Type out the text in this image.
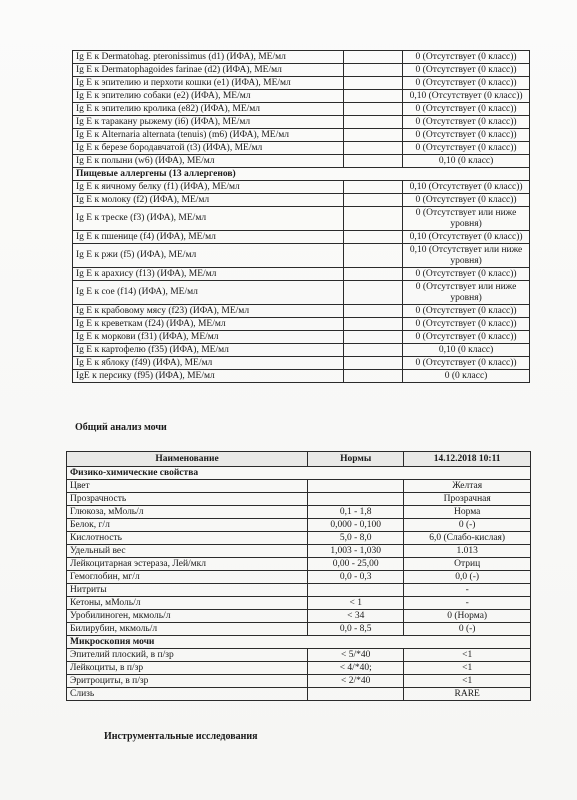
Ig E к Dermatohag. pteronissimus (d1) (ИФА), МЕ/мл		0 (Отсутствует (0 класс))
Ig E к Dermatophagoides farinae (d2) (ИФА), МЕ/мл		0 (Отсутствует (0 класс))
Ig E к эпителию и перхоти кошки (e1) (ИФА), МЕ/мл		0 (Отсутствует (0 класс))
Ig E к эпителию собаки (e2) (ИФА), МЕ/мл		0,10 (Отсутствует (0 класс))
Ig E к эпителию кролика (e82) (ИФА), МЕ/мл		0 (Отсутствует (0 класс))
Ig E к таракану рыжему (i6) (ИФА), МЕ/мл		0 (Отсутствует (0 класс))
Ig E к Alternaria alternata (tenuis) (m6) (ИФА), МЕ/мл		0 (Отсутствует (0 класс))
Ig E к березе бородавчатой (t3) (ИФА), МЕ/мл		0 (Отсутствует (0 класс))
Ig E к полыни (w6) (ИФА), МЕ/мл		0,10 (0 класс)
Пищевые аллергены (13 аллергенов)		
Ig E к яичному белку (f1) (ИФА), МЕ/мл		0,10 (Отсутствует (0 класс))
Ig E к молоку (f2) (ИФА), МЕ/мл		0 (Отсутствует (0 класс))
Ig E к треске (f3) (ИФА), МЕ/мл		0 (Отсутствует или ниже уровня)
Ig E к пшенице (f4) (ИФА), МЕ/мл		0,10 (Отсутствует (0 класс))
Ig E к ржи (f5) (ИФА), МЕ/мл		0,10 (Отсутствует или ниже уровня)
Ig E к арахису (f13) (ИФА), МЕ/мл		0 (Отсутствует (0 класс))
Ig E к сое (f14) (ИФА), МЕ/мл		0 (Отсутствует или ниже уровня)
Ig E к крабовому мясу (f23) (ИФА), МЕ/мл		0 (Отсутствует (0 класс))
Ig E к креветкам (f24) (ИФА), МЕ/мл		0 (Отсутствует (0 класс))
Ig E к моркови (f31) (ИФА), МЕ/мл		0 (Отсутствует (0 класс))
Ig E к картофелю (f35) (ИФА), МЕ/мл		0,10 (0 класс)
Ig E к яблоку (f49) (ИФА), МЕ/мл		0 (Отсутствует (0 класс))
IgE к персику (f95) (ИФА), МЕ/мл		0 (0 класс)
Общий анализ мочи
Наименование	Нормы	14.12.2018 10:11
Физико-химические свойства		
Цвет		Желтая
Прозрачность		Прозрачная
Глюкоза, мМоль/л	0,1 - 1,8	Норма
Белок, г/л	0,000 - 0,100	0 (-)
Кислотность	5,0 - 8,0	6,0 (Слабо-кислая)
Удельный вес	1,003 - 1,030	1.013
Лейкоцитарная эстераза, Лей/мкл	0,00 - 25,00	Отриц
Гемоглобин, мг/л	0,0 - 0,3	0,0 (-)
Нитриты		-
Кетоны, мМоль/л	< 1	-
Уробилиноген, мкмоль/л	< 34	0 (Норма)
Билирубин, мкмоль/л	0,0 - 8,5	0 (-)
Микроскопия мочи		
Эпителий плоский, в п/зр	< 5/*40	<1
Лейкоциты, в п/зр	< 4/*40;	<1
Эритроциты, в п/зр	< 2/*40	<1
Слизь		RARE
Инструментальные исследования
